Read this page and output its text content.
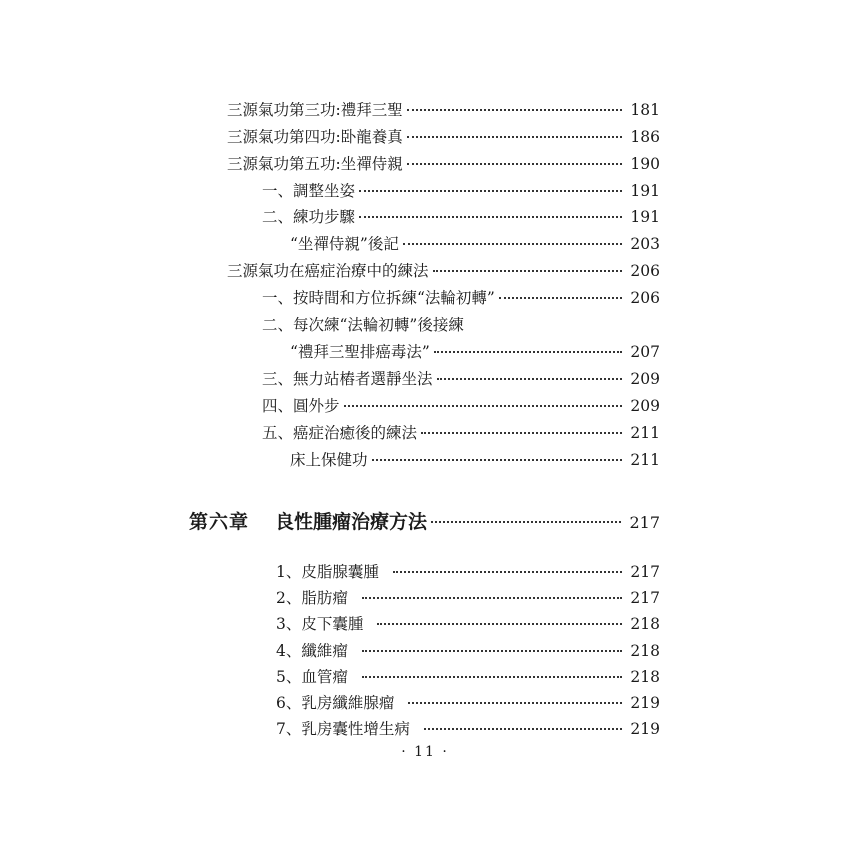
三源氣功第三功:禮拜三聖	181
三源氣功第四功:卧龍養真	186
三源氣功第五功:坐禪侍親	190
一、調整坐姿	191
二、練功步驟	191
“坐禪侍親”後記	203
三源氣功在癌症治療中的練法	206
一、按時間和方位拆練“法輪初轉”	206
二、每次練“法輪初轉”後接練
“禮拜三聖排癌毒法”	207
三、無力站樁者選靜坐法	209
四、圓外步	209
五、癌症治癒後的練法	211
床上保健功	211
第六章 良性腫瘤治療方法	217
1、皮脂腺囊腫	217
2、脂肪瘤	217
3、皮下囊腫	218
4、纖維瘤	218
5、血管瘤	218
6、乳房纖維腺瘤	219
7、乳房囊性增生病	219
· 11 ·
